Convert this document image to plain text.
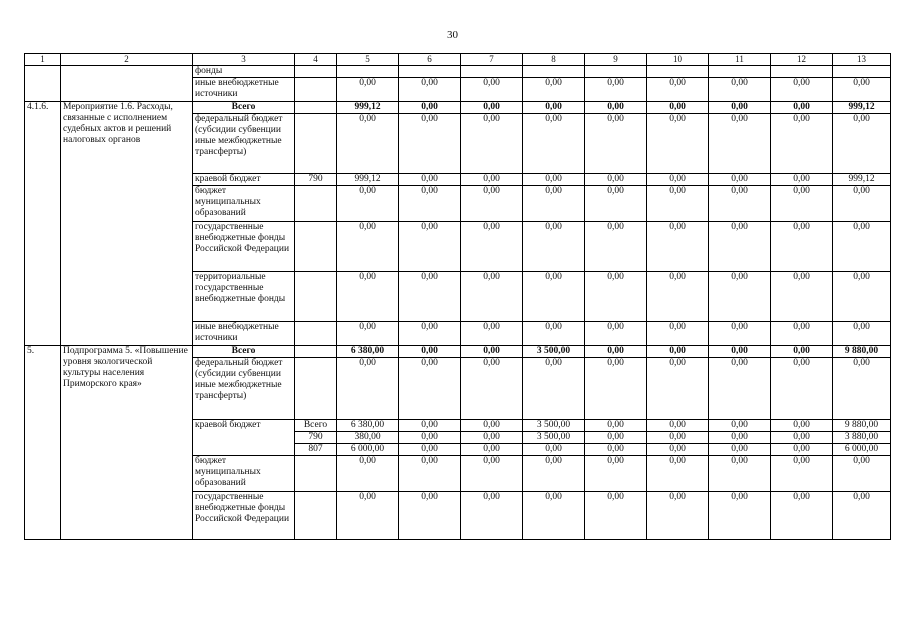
30
1	2	3	4	5	6	7	8	9	10	11	12	13
		фонды										
		иные внебюджетные источники		0,00	0,00	0,00	0,00	0,00	0,00	0,00	0,00	0,00
4.1.6.	Мероприятие 1.6. Расходы, связанные с исполнением судебных актов и решений налоговых органов	Всего		999,12	0,00	0,00	0,00	0,00	0,00	0,00	0,00	999,12
		федеральный бюджет (субсидии субвенции иные межбюджетные трансферты)		0,00	0,00	0,00	0,00	0,00	0,00	0,00	0,00	0,00
		краевой бюджет	790	999,12	0,00	0,00	0,00	0,00	0,00	0,00	0,00	999,12
		бюджет муниципальных образований		0,00	0,00	0,00	0,00	0,00	0,00	0,00	0,00	0,00
		государственные внебюджетные фонды Российской Федерации		0,00	0,00	0,00	0,00	0,00	0,00	0,00	0,00	0,00
		территориальные государственные внебюджетные фонды		0,00	0,00	0,00	0,00	0,00	0,00	0,00	0,00	0,00
		иные внебюджетные источники		0,00	0,00	0,00	0,00	0,00	0,00	0,00	0,00	0,00
5.	Подпрограмма 5. «Повышение уровня экологической культуры населения Приморского края»	Всего		6 380,00	0,00	0,00	3 500,00	0,00	0,00	0,00	0,00	9 880,00
		федеральный бюджет (субсидии субвенции иные межбюджетные трансферты)		0,00	0,00	0,00	0,00	0,00	0,00	0,00	0,00	0,00
		краевой бюджет	Всего	6 380,00	0,00	0,00	3 500,00	0,00	0,00	0,00	0,00	9 880,00
			790	380,00	0,00	0,00	3 500,00	0,00	0,00	0,00	0,00	3 880,00
			807	6 000,00	0,00	0,00	0,00	0,00	0,00	0,00	0,00	6 000,00
		бюджет муниципальных образований		0,00	0,00	0,00	0,00	0,00	0,00	0,00	0,00	0,00
		государственные внебюджетные фонды Российской Федерации		0,00	0,00	0,00	0,00	0,00	0,00	0,00	0,00	0,00
